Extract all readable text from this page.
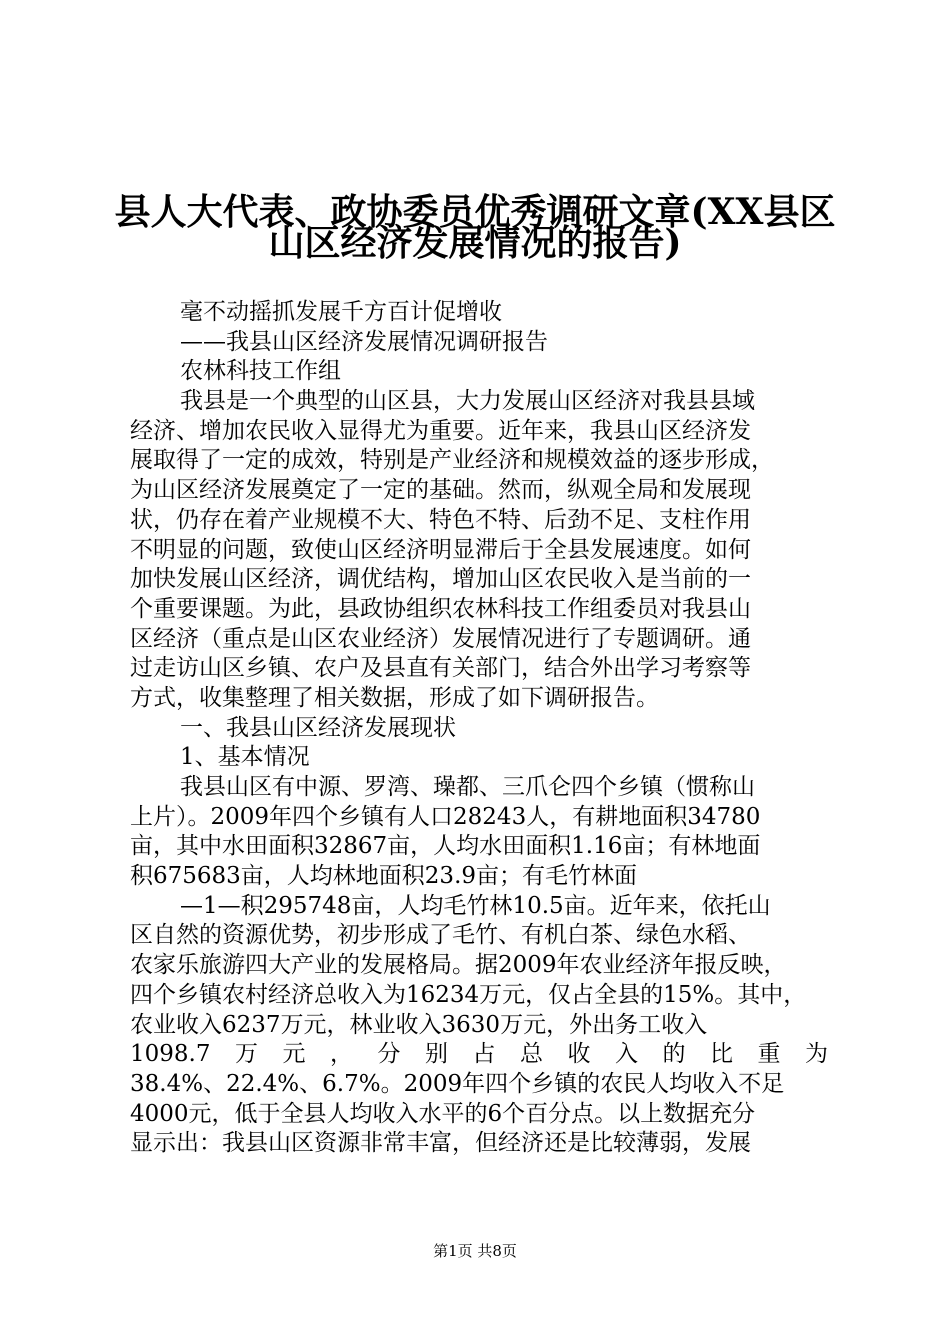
县人大代表、政协委员优秀调研文章(XX县区
山区经济发展情况的报告)
毫不动摇抓发展千方百计促增收
——我县山区经济发展情况调研报告
农林科技工作组
我县是一个典型的山区县，大力发展山区经济对我县县域
经济、增加农民收入显得尤为重要。近年来，我县山区经济发
展取得了一定的成效，特别是产业经济和规模效益的逐步形成，
为山区经济发展奠定了一定的基础。然而，纵观全局和发展现
状，仍存在着产业规模不大、特色不特、后劲不足、支柱作用
不明显的问题，致使山区经济明显滞后于全县发展速度。如何
加快发展山区经济，调优结构，增加山区农民收入是当前的一
个重要课题。为此，县政协组织农林科技工作组委员对我县山
区经济（重点是山区农业经济）发展情况进行了专题调研。通
过走访山区乡镇、农户及县直有关部门，结合外出学习考察等
方式，收集整理了相关数据，形成了如下调研报告。
一、我县山区经济发展现状
1、基本情况
我县山区有中源、罗湾、璪都、三爪仑四个乡镇（惯称山
上片）。2009年四个乡镇有人口28243人，有耕地面积34780
亩，其中水田面积32867亩，人均水田面积1.16亩；有林地面
积675683亩，人均林地面积23.9亩；有毛竹林面
—1—积295748亩，人均毛竹林10.5亩。近年来，依托山
区自然的资源优势，初步形成了毛竹、有机白茶、绿色水稻、
农家乐旅游四大产业的发展格局。据2009年农业经济年报反映，
四个乡镇农村经济总收入为16234万元，仅占全县的15%。其中，
农业收入6237万元，林业收入3630万元，外出务工收入
1098.7 万 元 ， 分 别 占 总 收 入 的 比 重 为
38.4%、22.4%、6.7%。2009年四个乡镇的农民人均收入不足
4000元，低于全县人均收入水平的6个百分点。以上数据充分
显示出：我县山区资源非常丰富，但经济还是比较薄弱，发展
第1页 共8页
